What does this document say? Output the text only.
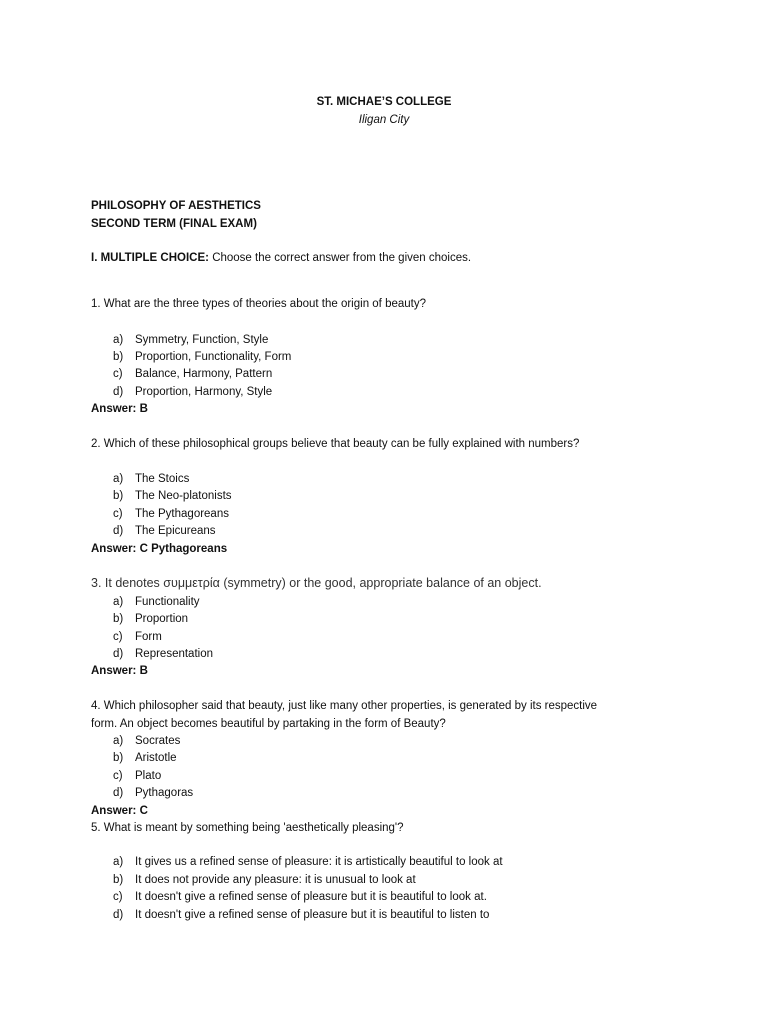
ST. MICHAE’S COLLEGE
Iligan City
PHILOSOPHY OF AESTHETICS
SECOND TERM (FINAL EXAM)
I. MULTIPLE CHOICE: Choose the correct answer from the given choices.
1. What are the three types of theories about the origin of beauty?
a) Symmetry, Function, Style
b) Proportion, Functionality, Form
c) Balance, Harmony, Pattern
d) Proportion, Harmony, Style
Answer: B
2. Which of these philosophical groups believe that beauty can be fully explained with numbers?
a) The Stoics
b) The Neo-platonists
c) The Pythagoreans
d) The Epicureans
Answer: C Pythagoreans
3. It denotes συμμετρία (symmetry) or the good, appropriate balance of an object.
a) Functionality
b) Proportion
c) Form
d) Representation
Answer: B
4. Which philosopher said that beauty, just like many other properties, is generated by its respective
form. An object becomes beautiful by partaking in the form of Beauty?
a) Socrates
b) Aristotle
c) Plato
d) Pythagoras
Answer: C
5. What is meant by something being 'aesthetically pleasing'?
a) It gives us a refined sense of pleasure: it is artistically beautiful to look at
b) It does not provide any pleasure: it is unusual to look at
c) It doesn't give a refined sense of pleasure but it is beautiful to look at.
d) It doesn't give a refined sense of pleasure but it is beautiful to listen to
